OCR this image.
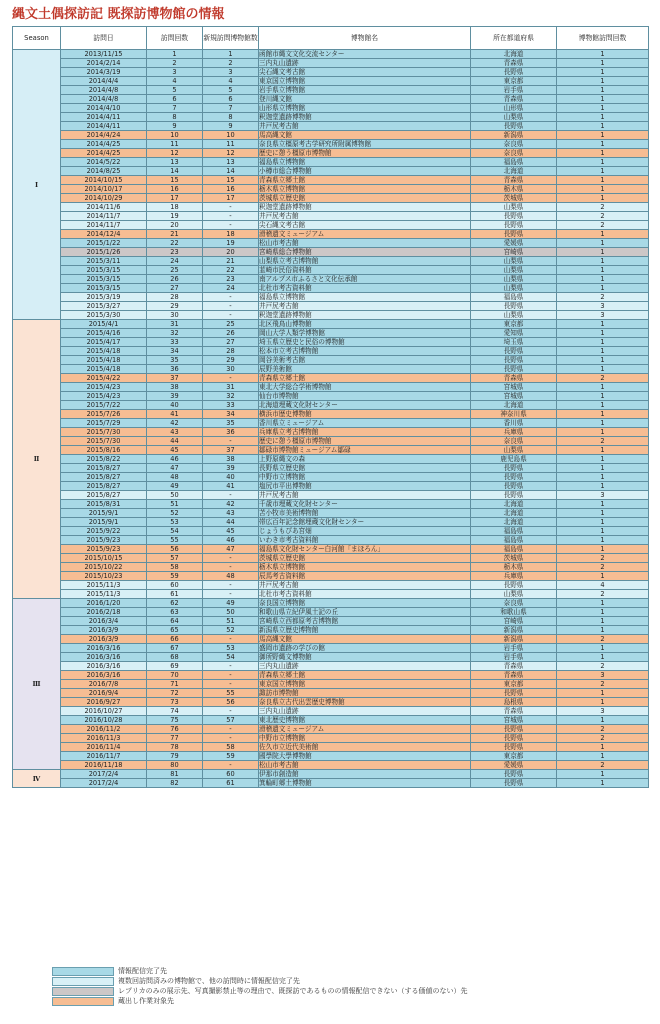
縄文土偶探訪記 既探訪博物館の情報
Season	訪問日	訪問回数	新規訪問博物館数	博物館名	所在都道府県	博物館訪問回数
Ⅰ	2013/11/15	1	1	函館市縄文文化交流センター	北海道	1
	2014/2/14	2	2	三内丸山遺跡	青森県	1
	2014/3/19	3	3	尖石縄文考古館	長野県	1
	2014/4/4	4	4	東京国立博物館	東京都	1
	2014/4/8	5	5	岩手県立博物館	岩手県	1
	2014/4/8	6	6	登川縄文館	青森県	1
	2014/4/10	7	7	山形県立博物館	山形県	1
	2014/4/11	8	8	釈迦堂遺跡博物館	山梨県	1
	2014/4/11	9	9	井戸尻考古館	長野県	1
	2014/4/24	10	10	馬高縄文館	新潟県	1
	2014/4/25	11	11	奈良県立橿原考古学研究所附属博物館	奈良県	1
	2014/4/25	12	12	歴史に憩う橿原市博物館	奈良県	1
	2014/5/22	13	13	福島県立博物館	福島県	1
	2014/8/25	14	14	小樽市総合博物館	北海道	1
	2014/10/15	15	15	青森県立郷土館	青森県	1
	2014/10/17	16	16	栃木県立博物館	栃木県	1
	2014/10/29	17	17	茨城県立歴史館	茨城県	1
	2014/11/6	18	-	釈迦堂遺跡博物館	山梨県	2
	2014/11/7	19	-	井戸尻考古館	長野県	2
	2014/11/7	20	-	尖石縄文考古館	長野県	2
	2014/12/4	21	18	滑稽遺文ミュージアム	長野県	1
	2015/1/22	22	19	松山市考古館	愛媛県	1
	2015/1/26	23	20	宮崎県総合博物館	宮崎県	1
	2015/3/11	24	21	山梨県立考古博物館	山梨県	1
	2015/3/15	25	22	韮崎市民俗資料館	山梨県	1
	2015/3/15	26	23	南アルプス市ふるさと文化伝承館	山梨県	1
	2015/3/15	27	24	北杜市考古資料館	山梨県	1
	2015/3/19	28	-	福島県立博物館	福島県	2
	2015/3/27	29	-	井戸尻考古館	長野県	3
	2015/3/30	30	-	釈迦堂遺跡博物館	山梨県	3
Ⅱ	2015/4/1	31	25	北区飛鳥山博物館	東京都	1
	2015/4/16	32	26	岡山大学人類学博物館	愛知県	1
	2015/4/17	33	27	埼玉県立歴史と民俗の博物館	埼玉県	1
	2015/4/18	34	28	松本市立考古博物館	長野県	1
	2015/4/18	35	29	岡谷美術考古館	長野県	1
	2015/4/18	36	30	辰野美術館	長野県	1
	2015/4/22	37	-	青森県立郷土館	青森県	2
	2015/4/23	38	31	東北大学総合学術博物館	宮城県	1
	2015/4/23	39	32	仙台市博物館	宮城県	1
	2015/7/22	40	33	北海道埋蔵文化財センター	北海道	1
	2015/7/26	41	34	横浜市歴史博物館	神奈川県	1
	2015/7/29	42	35	香川県立ミュージアム	香川県	1
	2015/7/30	43	36	兵庫県立考古博物館	兵庫県	1
	2015/7/30	44	-	歴史に憩う橿原市博物館	奈良県	2
	2015/8/16	45	37	鄒碌市博物館ミュージアム鄒碌	山梨県	1
	2015/8/22	46	38	上野原縄文の森	鹿児島県	1
	2015/8/27	47	39	長野県立歴史館	長野県	1
	2015/8/27	48	40	中野市立博物館	長野県	1
	2015/8/27	49	41	塩尻市平出博物館	長野県	1
	2015/8/27	50	-	井戸尻考古館	長野県	3
	2015/8/31	51	42	千歳市埋蔵文化財センター	北海道	1
	2015/9/1	52	43	苫小牧市美術博物館	北海道	1
	2015/9/1	53	44	帯広百年記念館埋蔵文化財センター	北海道	1
	2015/9/22	54	45	じょうもぴあ宮畑	福島県	1
	2015/9/23	55	46	いわき市考古資料館	福島県	1
	2015/9/23	56	47	福島県文化財センター白河館「まほろん」	福島県	1
	2015/10/15	57	-	茨城県立歴史館	茨城県	2
	2015/10/22	58	-	栃木県立博物館	栃木県	2
	2015/10/23	59	48	辰馬考古資料館	兵庫県	1
	2015/11/3	60	-	井戸尻考古館	長野県	4
	2015/11/3	61	-	北杜市考古資料館	山梨県	2
Ⅲ	2016/1/20	62	49	奈良国立博物館	奈良県	1
	2016/2/18	63	50	和歌山県立紀伊風土記の丘	和歌山県	1
	2016/3/4	64	51	宮崎県立西都原考古博物館	宮崎県	1
	2016/3/9	65	52	新潟県立歴史博物館	新潟県	1
	2016/3/9	66	-	馬高縄文館	新潟県	2
	2016/3/16	67	53	盛岡市遺跡の学びの館	岩手県	1
	2016/3/16	68	54	御所野縄文博物館	岩手県	1
	2016/3/16	69	-	三内丸山遺跡	青森県	2
	2016/3/16	70	-	青森県立郷土館	青森県	3
	2016/7/8	71	-	東京国立博物館	東京都	2
	2016/9/4	72	55	諏訪市博物館	長野県	1
	2016/9/27	73	56	奈良県立古代出雲歴史博物館	島根県	1
	2016/10/27	74	-	三内丸山遺跡	青森県	3
	2016/10/28	75	57	東北歴史博物館	宮城県	1
	2016/11/2	76	-	滑稽遺文ミュージアム	長野県	2
	2016/11/3	77	-	中野市立博物館	長野県	2
	2016/11/4	78	58	佐久市立近代美術館	長野県	1
	2016/11/7	79	59	國學院大學博物館	東京都	1
	2016/11/18	80	-	松山市考古館	愛媛県	2
Ⅳ	2017/2/4	81	60	伊那市創造館	長野県	1
	2017/2/4	82	61	箕輪町郷土博物館	長野県	1
情報配信完了先
複数回訪問済みの博物館で、他の訪問時に情報配信完了先
レプリカのみの展示先、写真撮影禁止等の理由で、既探訪であるものの情報配信できない（する価値のない）先
蔵出し作業対象先
